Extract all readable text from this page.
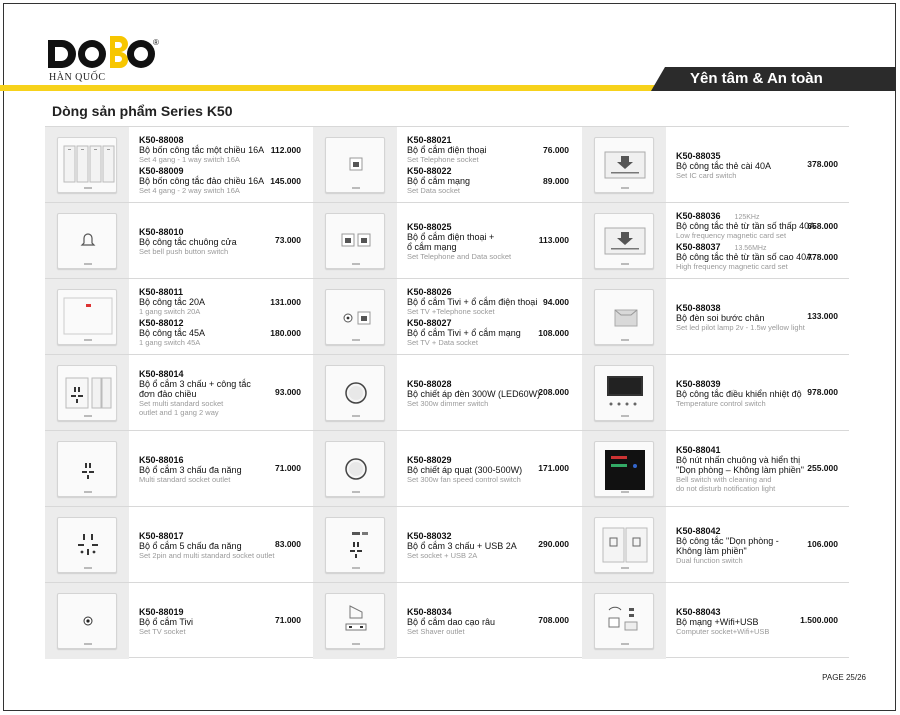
®
HÀN QUỐC	Yên tâm & An toàn
Dòng sản phẩm Series K50
K50-88008
Bộ bốn công tắc một chiều 16A
Set 4 gang - 1 way switch 16A
112.000
K50-88009
Bộ bốn công tắc đảo chiều 16A
Set 4 gang - 2 way switch 16A
145.000
K50-88021
Bộ ổ cắm điện thoại
Set Telephone socket
76.000
K50-88022
Bộ ổ cắm mạng
Set Data socket
89.000
K50-88035
Bộ công tắc thẻ cài 40A
Set IC card switch
378.000
K50-88010
Bộ công tắc chuông cửa
Set bell push button switch
73.000
K50-88025
Bộ ổ cắm điện thoại +
ổ cắm mạng
Set Telephone and Data socket
113.000
K50-88036 125KHz
Bộ công tắc thẻ từ tần số thấp 40A
Low frequency magnetic card set
658.000
K50-88037 13.56MHz
Bộ công tắc thẻ từ tần số cao 40A
High frequency magnetic card set
778.000
K50-88011
Bộ công tắc 20A
1 gang switch 20A
131.000
K50-88012
Bộ công tắc 45A
1 gang switch 45A
180.000
K50-88026
Bộ ổ cắm Tivi + ổ cắm điện thoại
Set TV +Telephone socket
94.000
K50-88027
Bộ ổ cắm Tivi + ổ cắm mạng
Set TV + Data socket
108.000
K50-88038
Bộ đèn soi bước chân
Set led pilot lamp 2v - 1.5w yellow light
133.000
K50-88014
Bộ ổ cắm 3 chấu + công tắc
đơn đảo chiều
Set multi standard socket
outlet and 1 gang 2 way
93.000
K50-88028
Bộ chiết áp đèn 300W (LED60W)
Set 300w dimmer switch
208.000
K50-88039
Bộ công tắc điều khiển nhiệt độ
Temperature control switch
978.000
K50-88016
Bộ ổ cắm 3 chấu đa năng
Multi standard socket outlet
71.000
K50-88029
Bộ chiết áp quạt (300-500W)
Set 300w fan speed control switch
171.000
K50-88041
Bộ nút nhấn chuông và hiển thị
"Dọn phòng – Không làm phiền"
Bell switch with cleaning and
do not disturb notification light
255.000
K50-88017
Bộ ổ cắm 5 chấu đa năng
Set 2pin and multi standard socket outlet
83.000
K50-88032
Bộ ổ cắm 3 chấu + USB 2A
Set socket + USB 2A
290.000
K50-88042
Bộ công tắc "Dọn phòng -
Không làm phiền"
Dual function switch
106.000
K50-88019
Bộ ổ cắm Tivi
Set TV socket
71.000
K50-88034
Bộ ổ cắm dao cạo râu
Set Shaver outlet
708.000
K50-88043
Bộ mạng +Wifi+USB
Computer socket+Wifi+USB
1.500.000
PAGE 25/26
